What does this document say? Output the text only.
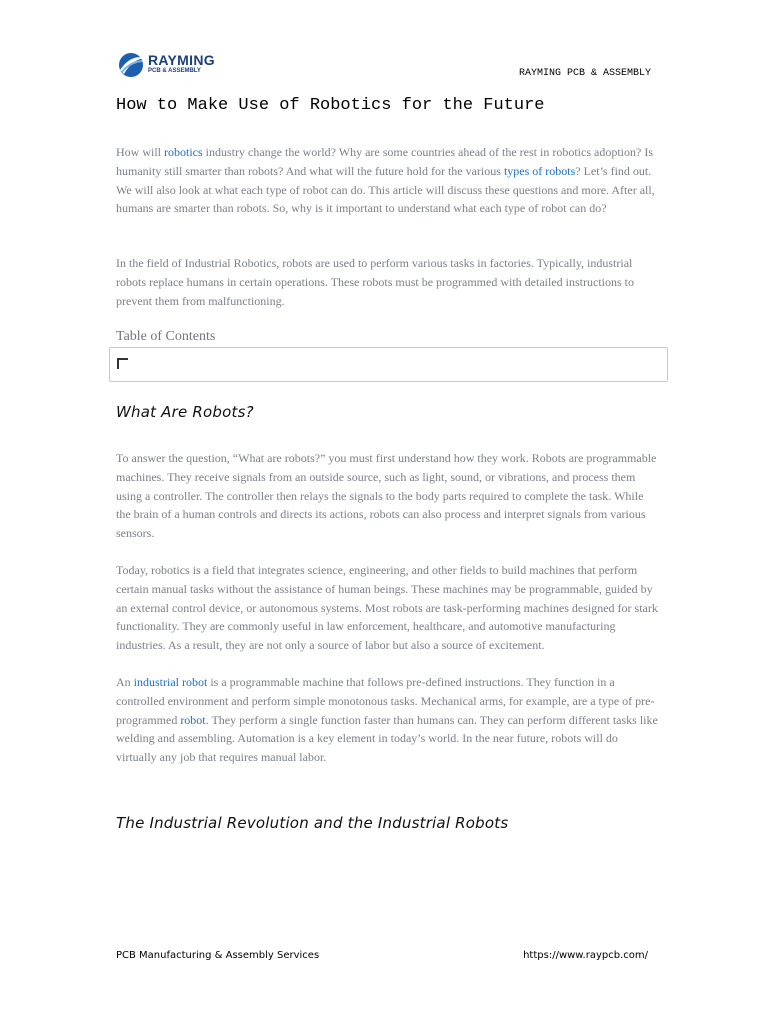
RAYMING
PCB & ASSEMBLY	RAYMING PCB & ASSEMBLY
How to Make Use of Robotics for the Future

How will robotics industry change the world? Why are some countries ahead of the rest in robotics adoption? Is humanity still smarter than robots? And what will the future hold for the various types of robots? Let’s find out. We will also look at what each type of robot can do. This article will discuss these questions and more. After all, humans are smarter than robots. So, why is it important to understand what each type of robot can do?

In the field of Industrial Robotics, robots are used to perform various tasks in factories. Typically, industrial robots replace humans in certain operations. These robots must be programmed with detailed instructions to prevent them from malfunctioning.

Table of Contents
What Are Robots?

To answer the question, “What are robots?” you must first understand how they work. Robots are programmable machines. They receive signals from an outside source, such as light, sound, or vibrations, and process them using a controller. The controller then relays the signals to the body parts required to complete the task. While the brain of a human controls and directs its actions, robots can also process and interpret signals from various sensors.

Today, robotics is a field that integrates science, engineering, and other fields to build machines that perform certain manual tasks without the assistance of human beings. These machines may be programmable, guided by an external control device, or autonomous systems. Most robots are task-performing machines designed for stark functionality. They are commonly useful in law enforcement, healthcare, and automotive manufacturing industries. As a result, they are not only a source of labor but also a source of excitement.

An industrial robot is a programmable machine that follows pre-defined instructions. They function in a controlled environment and perform simple monotonous tasks. Mechanical arms, for example, are a type of pre-programmed robot. They perform a single function faster than humans can. They can perform different tasks like welding and assembling. Automation is a key element in today’s world. In the near future, robots will do virtually any job that requires manual labor.

The Industrial Revolution and the Industrial Robots
PCB Manufacturing & Assembly Services	https://www.raypcb.com/
